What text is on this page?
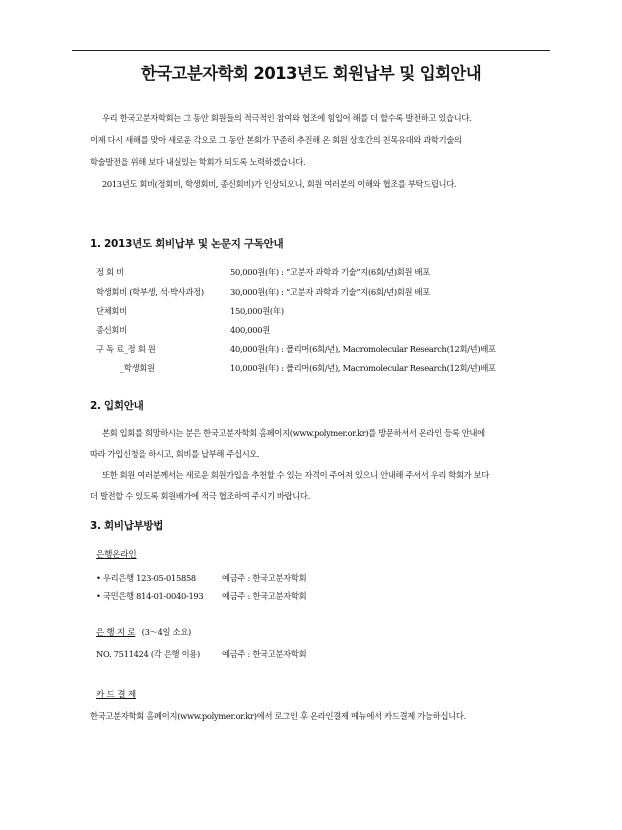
한국고분자학회 2013년도 회원납부 및 입회안내
우리 한국고분자학회는 그 동안 회원들의 적극적인 참여와 협조에 힘입어 해를 더 할수록 발전하고 있습니다.
이제 다시 새해를 맞아 새로운 각오로 그 동안 본회가 꾸준히 추진해 온 회원 상호간의 친목유대와 과학기술의
학술발전을 위해 보다 내실있는 학회가 되도록 노력하겠습니다.
2013년도 회비(정회비, 학생회비, 종신회비)가 인상되오니, 회원 여러분의 이해와 협조를 부탁드립니다.
1. 2013년도 회비납부 및 논문지 구독안내
정 회 비	50,000원(年) : “고분자 과학과 기술”지(6회/년)회원 배포
학생회비 (학부생, 석·박사과정)	30,000원(年) : “고분자 과학과 기술”지(6회/년)회원 배포
단체회비	150,000원(年)
종신회비	400,000원
구 독 료_정 회 원	40,000원(年) : 폴리머(6회/년), Macromolecular Research(12회/년)배포
_학생회원	10,000원(年) : 폴리머(6회/년), Macromolecular Research(12회/년)배포
2. 입회안내
본회 입회를 희망하시는 분은 한국고분자학회 홈페이지(www.polymer.or.kr)를 방문하셔서 온라인 등록 안내에
따라 가입신청을 하시고, 회비를 납부해 주십시오.
또한 회원 여러분께서는 새로운 회원가입을 추천할 수 있는 자격이 주어져 있으니 안내해 주셔서 우리 학회가 보다
더 발전할 수 있도록 회원배가에 적극 협조하여 주시기 바랍니다.
3. 회비납부방법
은행온라인
• 우리은행 123-05-015858	예금주 : 한국고분자학회
• 국민은행 814-01-0040-193 예금주 : 한국고분자학회
은 행 지 로 (3～4일 소요)
NO. 7511424 (각 은행 이용)	예금주 : 한국고분자학회
카 드 결 제
한국고분자학회 홈페이지(www.polymer.or.kr)에서 로그인 후 온라인결제 메뉴에서 카드결제 가능하십니다.
